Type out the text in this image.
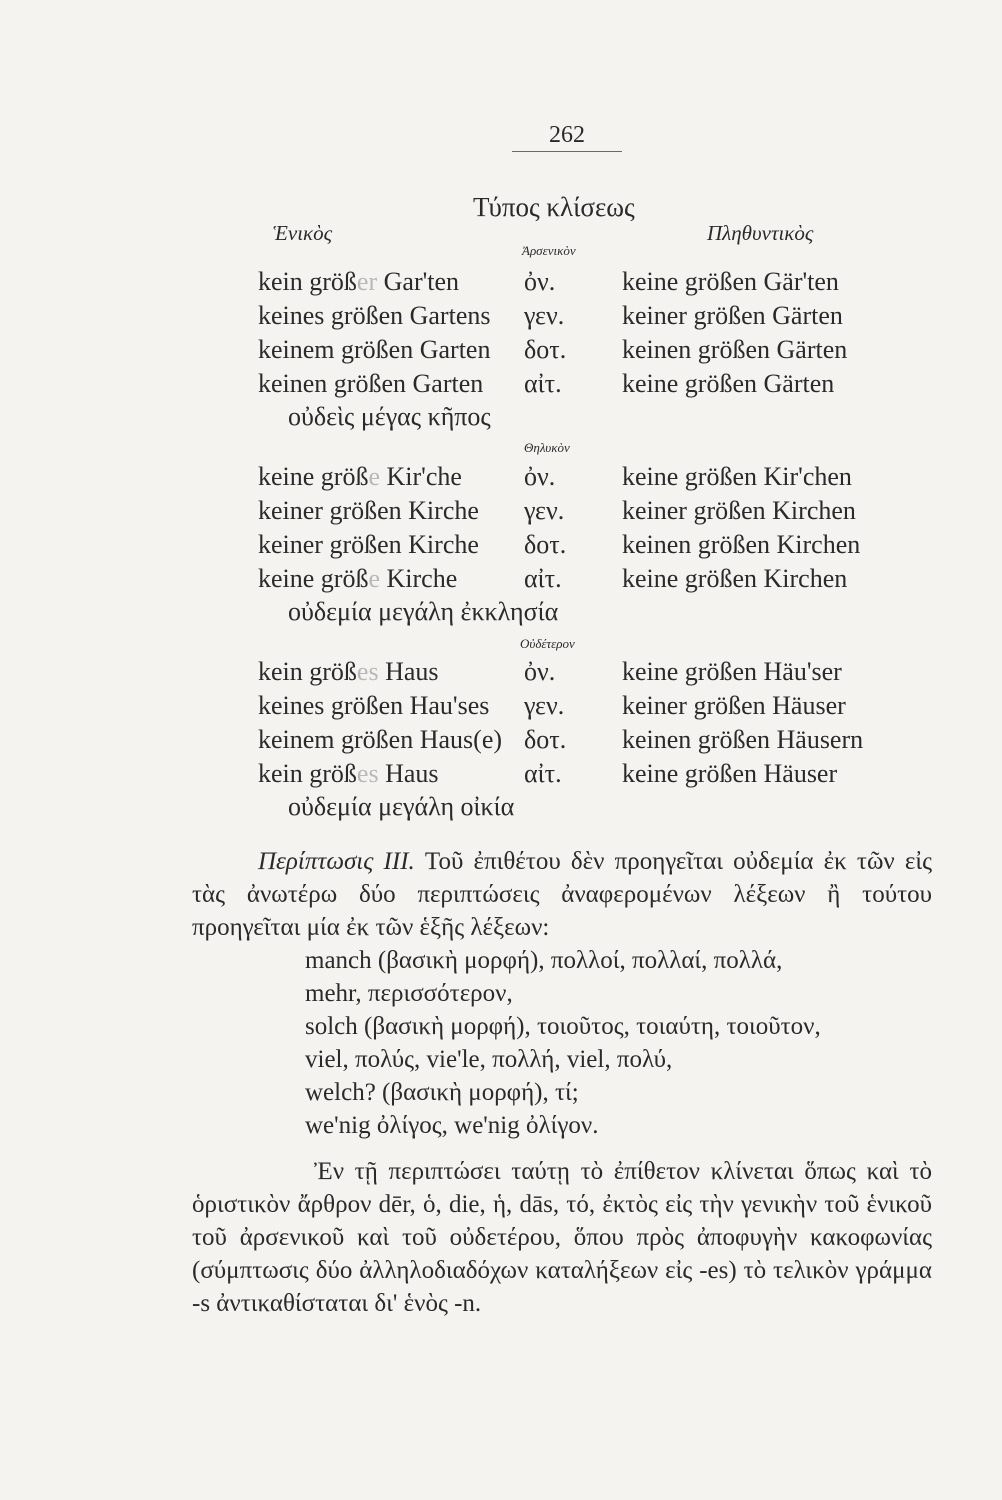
262
Τύπος κλίσεως
Ἑνικὸς	Πληθυντικὸς
Ἀρσενικὸν
kein größer Gar'ten ὀν.	keine größen Gär'ten
keines größen Gartens γεν. keiner größen Gärten
keinem größen Garten δοτ. keinen größen Gärten
keinen größen Garten αἰτ. keine größen Gärten
οὐδεὶς μέγας κῆπος
Θηλυκὸν
keine größe Kir'che ὀν.	keine größen Kir'chen
keiner größen Kirche γεν. keiner größen Kirchen
keiner größen Kirche δοτ. keinen größen Kirchen
keine größe Kirche	αἰτ. keine größen Kirchen
οὐδεμία μεγάλη ἐκκλησία
Οὐδέτερον
kein größes Haus	ὀν.	keine größen Häu'ser
keines größen Hau'ses γεν. keiner größen Häuser
keinem größen Haus(e) δοτ. keinen größen Häusern
kein größes Haus	αἰτ. keine größen Häuser
οὐδεμία μεγάλη οἰκία
Περίπτωσις III. Τοῦ ἐπιθέτου δὲν προηγεῖται οὐδεμία ἐκ τῶν εἰς τὰς ἀνωτέρω δύο περιπτώσεις ἀναφερομένων λέξεων ἢ τούτου προηγεῖται μία ἐκ τῶν ἑξῆς λέξεων:
manch (βασικὴ μορφή), πολλοί, πολλαί, πολλά,
mehr, περισσότερον,
solch (βασικὴ μορφή), τοιοῦτος, τοιαύτη, τοιοῦτον,
viel, πολύς, vie'le, πολλή, viel, πολύ,
welch? (βασικὴ μορφή), τί;
we'nig ὀλίγος, we'nig ὀλίγον.
Ἐν τῇ περιπτώσει ταύτῃ τὸ ἐπίθετον κλίνεται ὅπως καὶ τὸ ὁριστικὸν ἄρθρον dēr, ὁ, die, ἡ, dās, τό, ἐκτὸς εἰς τὴν γενικὴν τοῦ ἑνικοῦ τοῦ ἀρσενικοῦ καὶ τοῦ οὐδετέρου, ὅπου πρὸς ἀποφυγὴν κακοφωνίας (σύμπτωσις δύο ἀλληλοδιαδόχων καταλήξεων εἰς -es) τὸ τελικὸν γράμμα -s ἀντικαθίσταται δι' ἑνὸς -n.
